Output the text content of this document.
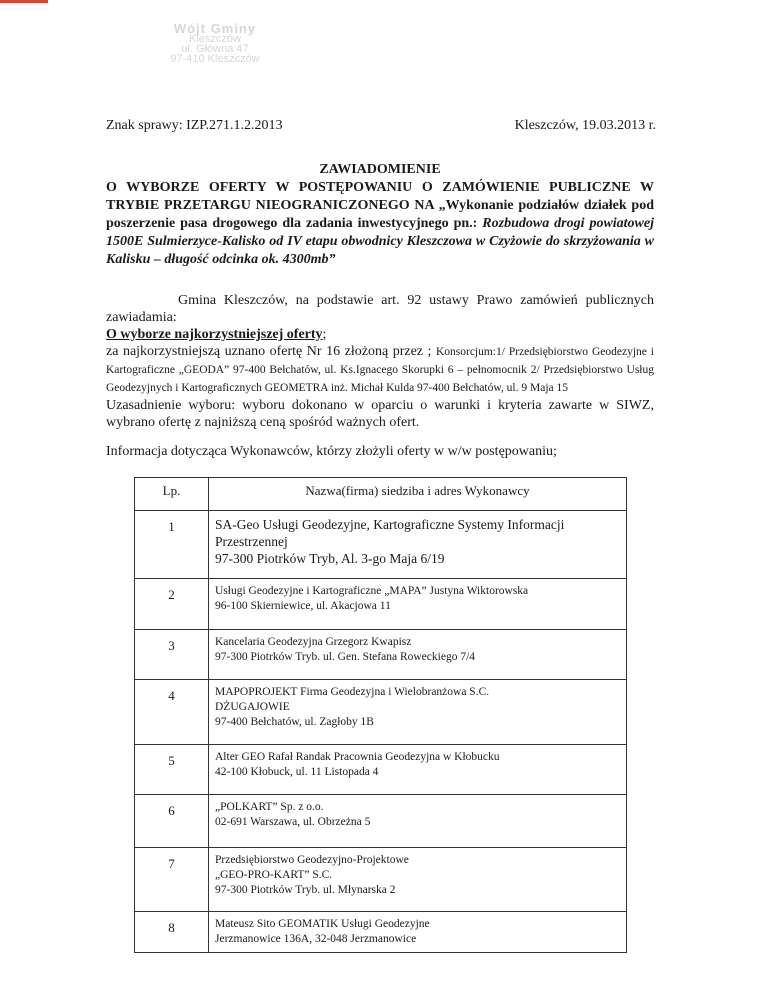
Wójt Gminy
Kleszczów
ul. Główna 47
97-410 Kleszczów
Znak sprawy: IZP.271.1.2.2013	Kleszczów, 19.03.2013 r.
ZAWIADOMIENIE
O WYBORZE OFERTY W POSTĘPOWANIU O ZAMÓWIENIE PUBLICZNE W TRYBIE PRZETARGU NIEOGRANICZONEGO NA „Wykonanie podziałów działek pod poszerzenie pasa drogowego dla zadania inwestycyjnego pn.: Rozbudowa drogi powiatowej 1500E Sulmierzyce-Kalisko od IV etapu obwodnicy Kleszczowa w Czyżowie do skrzyżowania w Kalisku – długość odcinka ok. 4300mb”
Gmina Kleszczów, na podstawie art. 92 ustawy Prawo zamówień publicznych zawiadamia:
O wyborze najkorzystniejszej oferty;
za najkorzystniejszą uznano ofertę Nr 16 złożoną przez ; Konsorcjum:1/ Przedsiębiorstwo Geodezyjne i Kartograficzne „GEODA” 97-400 Bełchatów, ul. Ks.Ignacego Skorupki 6 – pełnomocnik 2/ Przedsiębiorstwo Usług Geodezyjnych i Kartograficznych GEOMETRA inż. Michał Kulda 97-400 Bełchatów, ul. 9 Maja 15
Uzasadnienie wyboru: wyboru dokonano w oparciu o warunki i kryteria zawarte w SIWZ, wybrano ofertę z najniższą ceną spośród ważnych ofert.
Informacja dotycząca Wykonawców, którzy złożyli oferty w w/w postępowaniu;
Lp.	Nazwa(firma) siedziba i adres Wykonawcy
1	SA-Geo Usługi Geodezyjne, Kartograficzne Systemy Informacji Przestrzennej
97-300 Piotrków Tryb, Al. 3-go Maja 6/19

2	Usługi Geodezyjne i Kartograficzne „MAPA” Justyna Wiktorowska
96-100 Skierniewice, ul. Akacjowa 11

3	Kancelaria Geodezyjna Grzegorz Kwapisz
97-300 Piotrków Tryb. ul. Gen. Stefana Roweckiego 7/4

4	MAPOPROJEKT Firma Geodezyjna i Wielobranżowa S.C.
DŻUGAJOWIE
97-400 Bełchatów, ul. Zagłoby 1B

5	Alter GEO Rafał Randak Pracownia Geodezyjna w Kłobucku
42-100 Kłobuck, ul. 11 Listopada 4

6	„POLKART” Sp. z o.o.
02-691 Warszawa, ul. Obrzeżna 5

7	Przedsiębiorstwo Geodezyjno-Projektowe
„GEO-PRO-KART” S.C.
97-300 Piotrków Tryb. ul. Młynarska 2

8	Mateusz Sito GEOMATIK Usługi Geodezyjne
Jerzmanowice 136A, 32-048 Jerzmanowice
